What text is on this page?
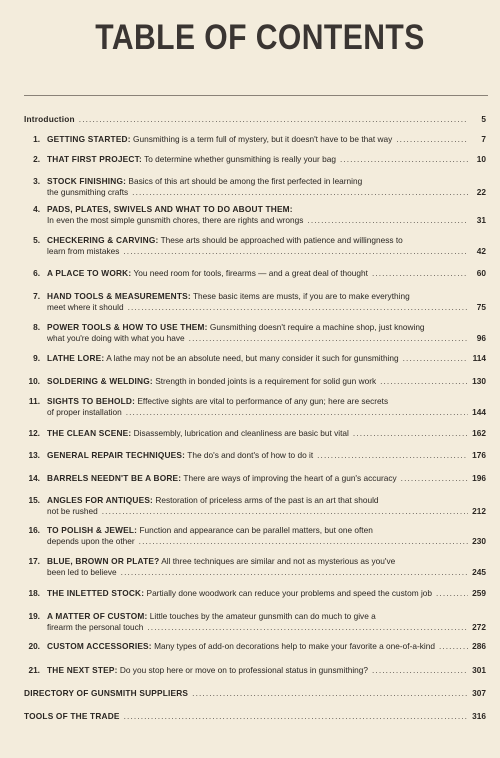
TABLE OF CONTENTS
Introduction . . .	5
1. GETTING STARTED: Gunsmithing is a term full of mystery, but it doesn't have to be that way . . .	7
2. THAT FIRST PROJECT: To determine whether gunsmithing is really your bag . . .	10
3. STOCK FINISHING: Basics of this art should be among the first perfected in learning
the gunsmithing crafts . . .	22
4. PADS, PLATES, SWIVELS AND WHAT TO DO ABOUT THEM:
In even the most simple gunsmith chores, there are rights and wrongs . . .	31
5. CHECKERING & CARVING: These arts should be approached with patience and willingness to
learn from mistakes . . .	42
6. A PLACE TO WORK: You need room for tools, firearms — and a great deal of thought . . .	60
7. HAND TOOLS & MEASUREMENTS: These basic items are musts, if you are to make everything
meet where it should . . .	75
8. POWER TOOLS & HOW TO USE THEM: Gunsmithing doesn't require a machine shop, just knowing
what you're doing with what you have . . .	96
9. LATHE LORE: A lathe may not be an absolute need, but many consider it such for gunsmithing . . .	114
10. SOLDERING & WELDING: Strength in bonded joints is a requirement for solid gun work . . .	130
11. SIGHTS TO BEHOLD: Effective sights are vital to performance of any gun; here are secrets
of proper installation . . .	144
12. THE CLEAN SCENE: Disassembly, lubrication and cleanliness are basic but vital . . .	162
13. GENERAL REPAIR TECHNIQUES: The do's and dont's of how to do it . . .	176
14. BARRELS NEEDN'T BE A BORE: There are ways of improving the heart of a gun's accuracy . . .	196
15. ANGLES FOR ANTIQUES: Restoration of priceless arms of the past is an art that should
not be rushed . . .	212
16. TO POLISH & JEWEL: Function and appearance can be parallel matters, but one often
depends upon the other . . .	230
17. BLUE, BROWN OR PLATE? All three techniques are similar and not as mysterious as you've
been led to believe . . .	245
18. THE INLETTED STOCK: Partially done woodwork can reduce your problems and speed the custom job . . .	259
19. A MATTER OF CUSTOM: Little touches by the amateur gunsmith can do much to give a
firearm the personal touch . . .	272
20. CUSTOM ACCESSORIES: Many types of add-on decorations help to make your favorite a one-of-a-kind . . .	286
21. THE NEXT STEP: Do you stop here or move on to professional status in gunsmithing? . . .	301
DIRECTORY OF GUNSMITH SUPPLIERS . . .	307
TOOLS OF THE TRADE . . .	316
